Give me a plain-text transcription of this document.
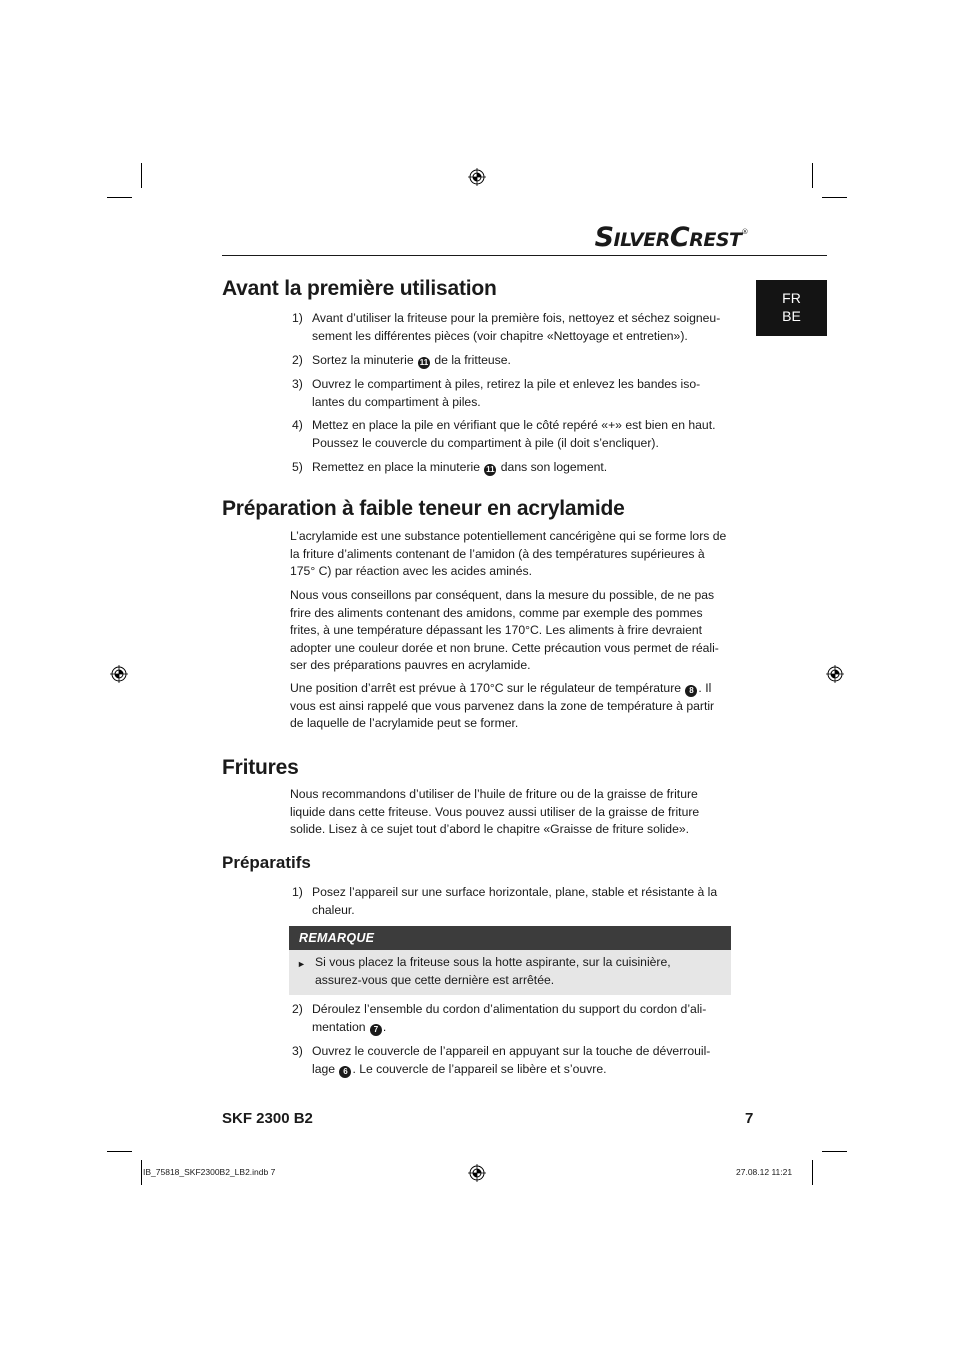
SILVERCREST®
FR
BE
Avant la première utilisation
1) Avant d’utiliser la friteuse pour la première fois, nettoyez et séchez soigneu-sement les différentes pièces (voir chapitre «Nettoyage et entretien»).
2) Sortez la minuterie 11 de la fritteuse.
3) Ouvrez le compartiment à piles, retirez la pile et enlevez les bandes iso-lantes du compartiment à piles.
4) Mettez en place la pile en vérifiant que le côté repéré «+» est bien en haut. Poussez le couvercle du compartiment à pile (il doit s’encliquer).
5) Remettez en place la minuterie 11 dans son logement.
Préparation à faible teneur en acrylamide

L’acrylamide est une substance potentiellement cancérigène qui se forme lors de la friture d’aliments contenant de l’amidon (à des températures supérieures à 175° C) par réaction avec les acides aminés.

Nous vous conseillons par conséquent, dans la mesure du possible, de ne pas frire des aliments contenant des amidons, comme par exemple des pommes frites, à une température dépassant les 170°C. Les aliments à frire devraient adopter une couleur dorée et non brune. Cette précaution vous permet de réali-ser des préparations pauvres en acrylamide.

Une position d’arrêt est prévue à 170°C sur le régulateur de température 8 . Il vous est ainsi rappelé que vous parvenez dans la zone de température à partir de laquelle de l’acrylamide peut se former.

Fritures

Nous recommandons d’utiliser de l’huile de friture ou de la graisse de friture liquide dans cette friteuse. Vous pouvez aussi utiliser de la graisse de friture solide. Lisez à ce sujet tout d’abord le chapitre «Graisse de friture solide».

Préparatifs
1) Posez l’appareil sur une surface horizontale, plane, stable et résistante à la chaleur.
REMARQUE
► Si vous placez la friteuse sous la hotte aspirante, sur la cuisinière, assurez-vous que cette dernière est arrêtée.
2) Déroulez l’ensemble du cordon d’alimentation du support du cordon d’ali-mentation 7 .
3) Ouvrez le couvercle de l’appareil en appuyant sur la touche de déverrouil-lage 6 . Le couvercle de l’appareil se libère et s’ouvre.
SKF 2300 B2	7
IB_75818_SKF2300B2_LB2.indb 7	27.08.12 11:21
